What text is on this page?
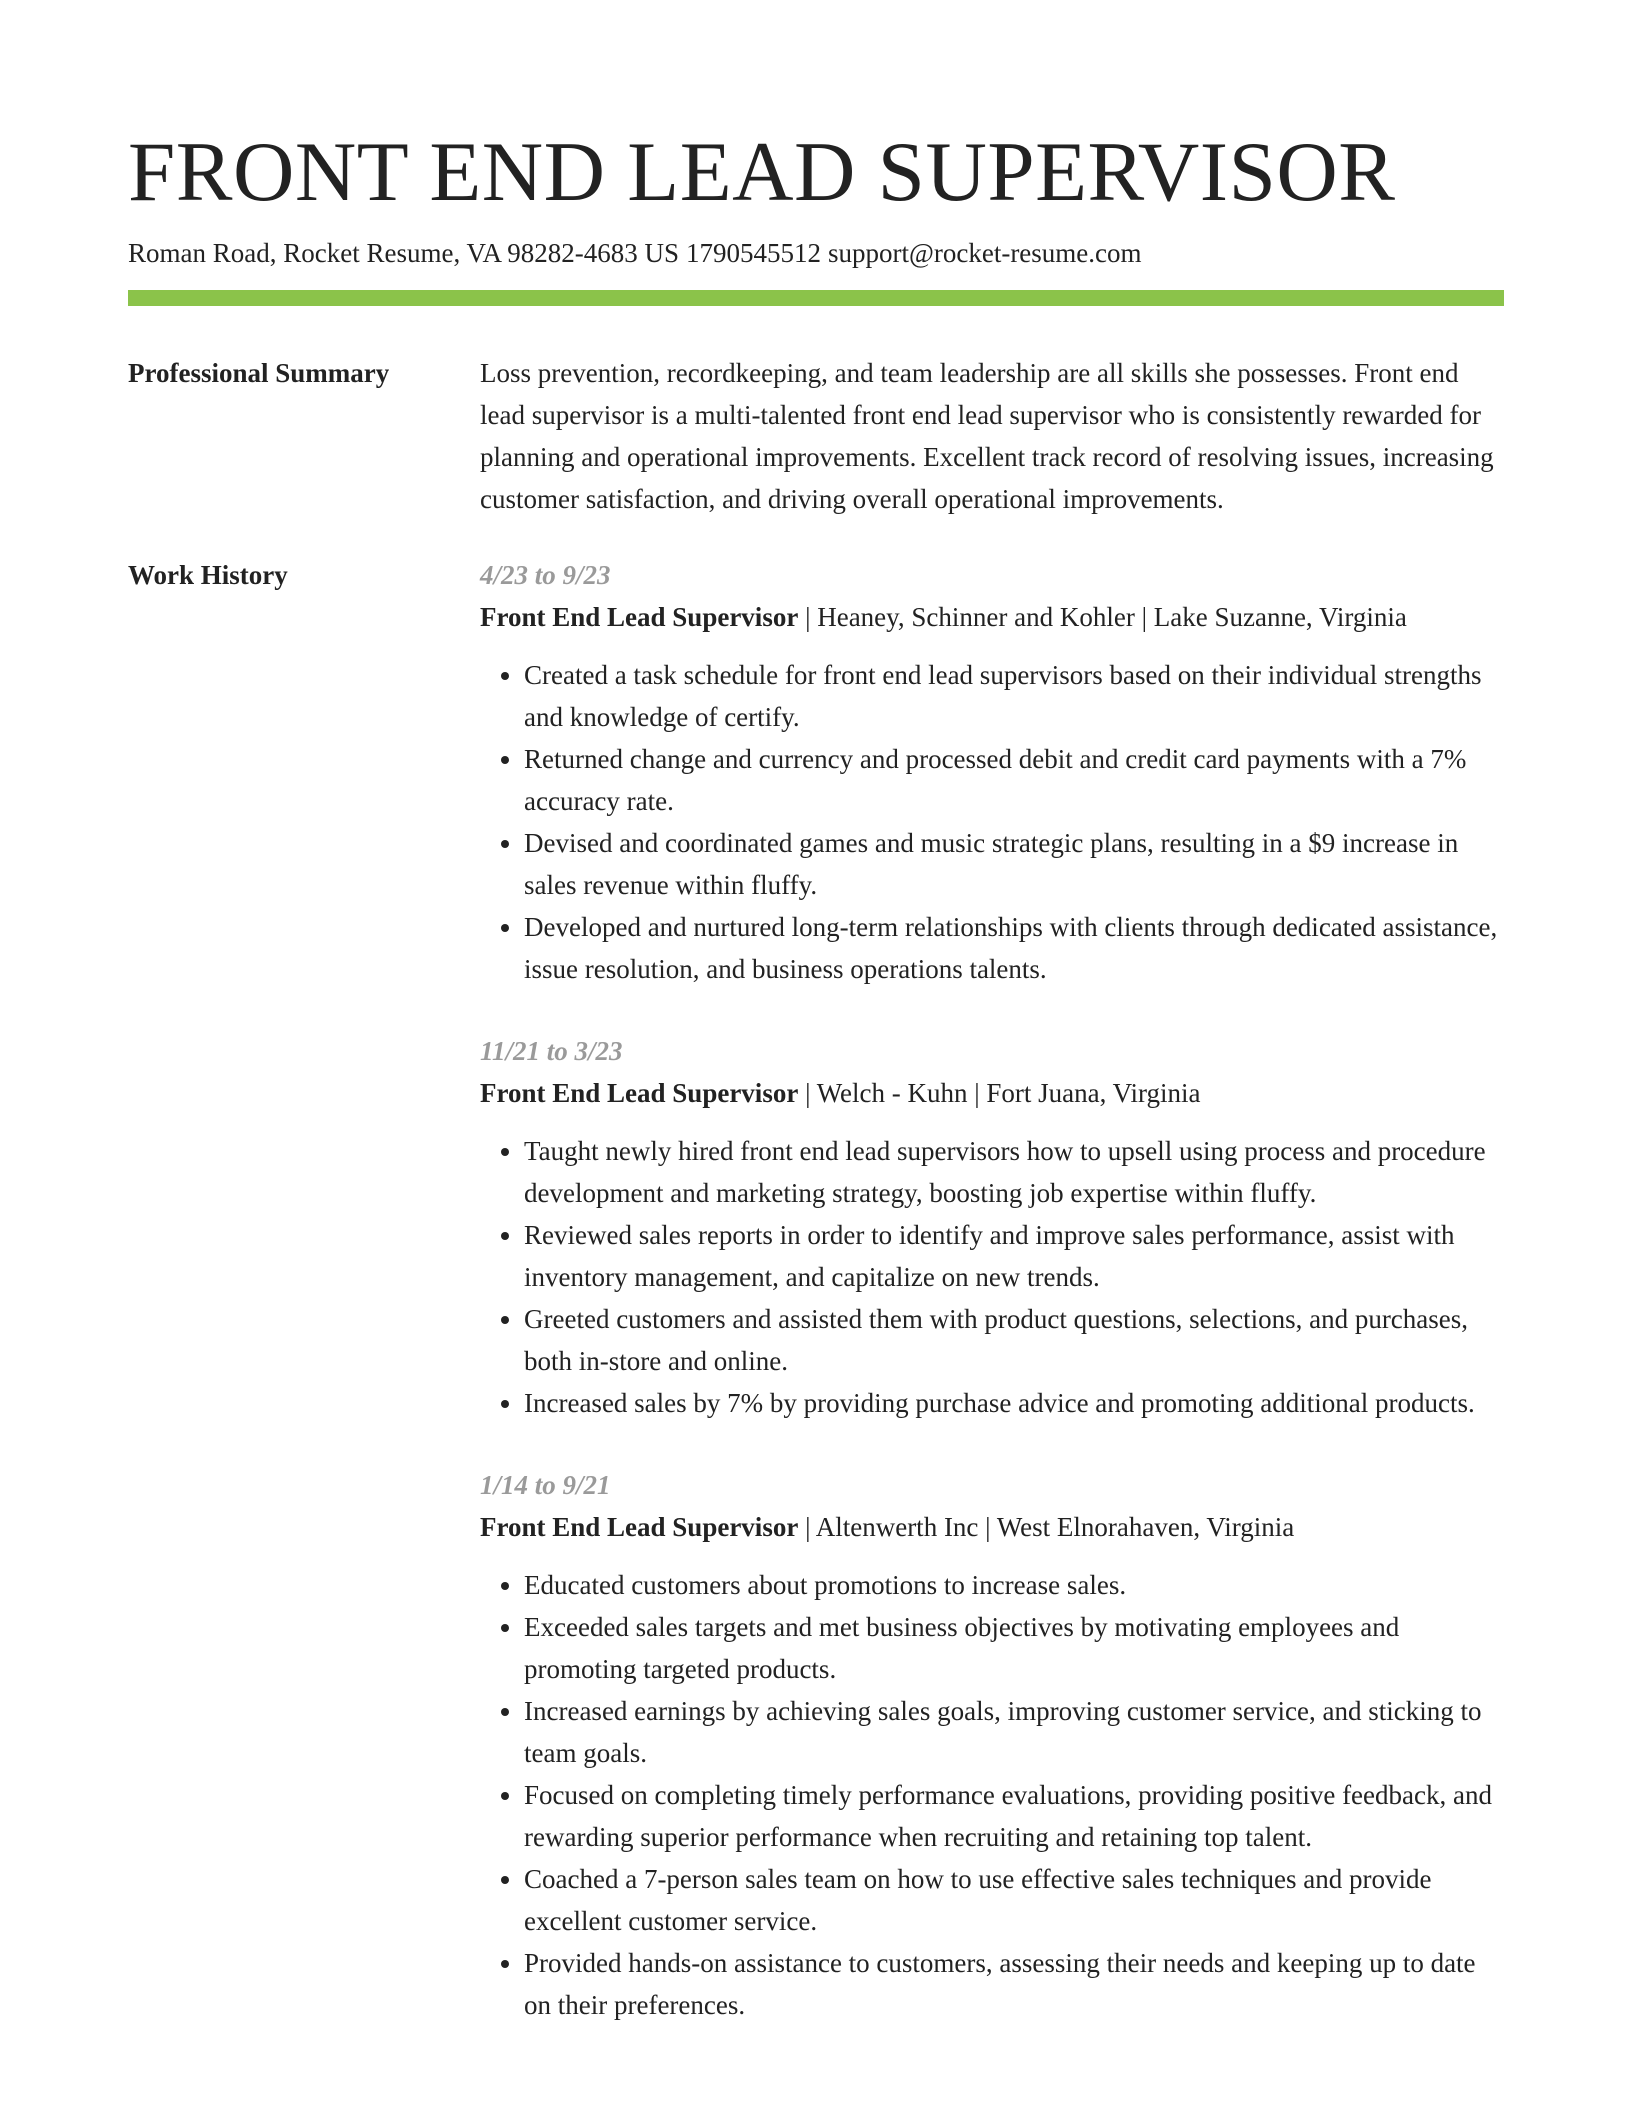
FRONT END LEAD SUPERVISOR
Roman Road, Rocket Resume, VA 98282-4683 US 1790545512 support@rocket-resume.com
Professional Summary	Loss prevention, recordkeeping, and team leadership are all skills she possesses. Front end lead supervisor is a multi-talented front end lead supervisor who is consistently rewarded for planning and operational improvements. Excellent track record of resolving issues, increasing customer satisfaction, and driving overall operational improvements.

Work History	4/23 to 9/23

Front End Lead Supervisor | Heaney, Schinner and Kohler | Lake Suzanne, Virginia

• Created a task schedule for front end lead supervisors based on their individual strengths and knowledge of certify.
• Returned change and currency and processed debit and credit card payments with a 7% accuracy rate.
• Devised and coordinated games and music strategic plans, resulting in a $9 increase in sales revenue within fluffy.
• Developed and nurtured long-term relationships with clients through dedicated assistance, issue resolution, and business operations talents.

11/21 to 3/23

Front End Lead Supervisor | Welch - Kuhn | Fort Juana, Virginia

• Taught newly hired front end lead supervisors how to upsell using process and procedure development and marketing strategy, boosting job expertise within fluffy.
• Reviewed sales reports in order to identify and improve sales performance, assist with inventory management, and capitalize on new trends.
• Greeted customers and assisted them with product questions, selections, and purchases, both in-store and online.
• Increased sales by 7% by providing purchase advice and promoting additional products.

1/14 to 9/21

Front End Lead Supervisor | Altenwerth Inc | West Elnorahaven, Virginia

• Educated customers about promotions to increase sales.
• Exceeded sales targets and met business objectives by motivating employees and promoting targeted products.
• Increased earnings by achieving sales goals, improving customer service, and sticking to team goals.
• Focused on completing timely performance evaluations, providing positive feedback, and rewarding superior performance when recruiting and retaining top talent.
• Coached a 7-person sales team on how to use effective sales techniques and provide excellent customer service.
• Provided hands-on assistance to customers, assessing their needs and keeping up to date on their preferences.
